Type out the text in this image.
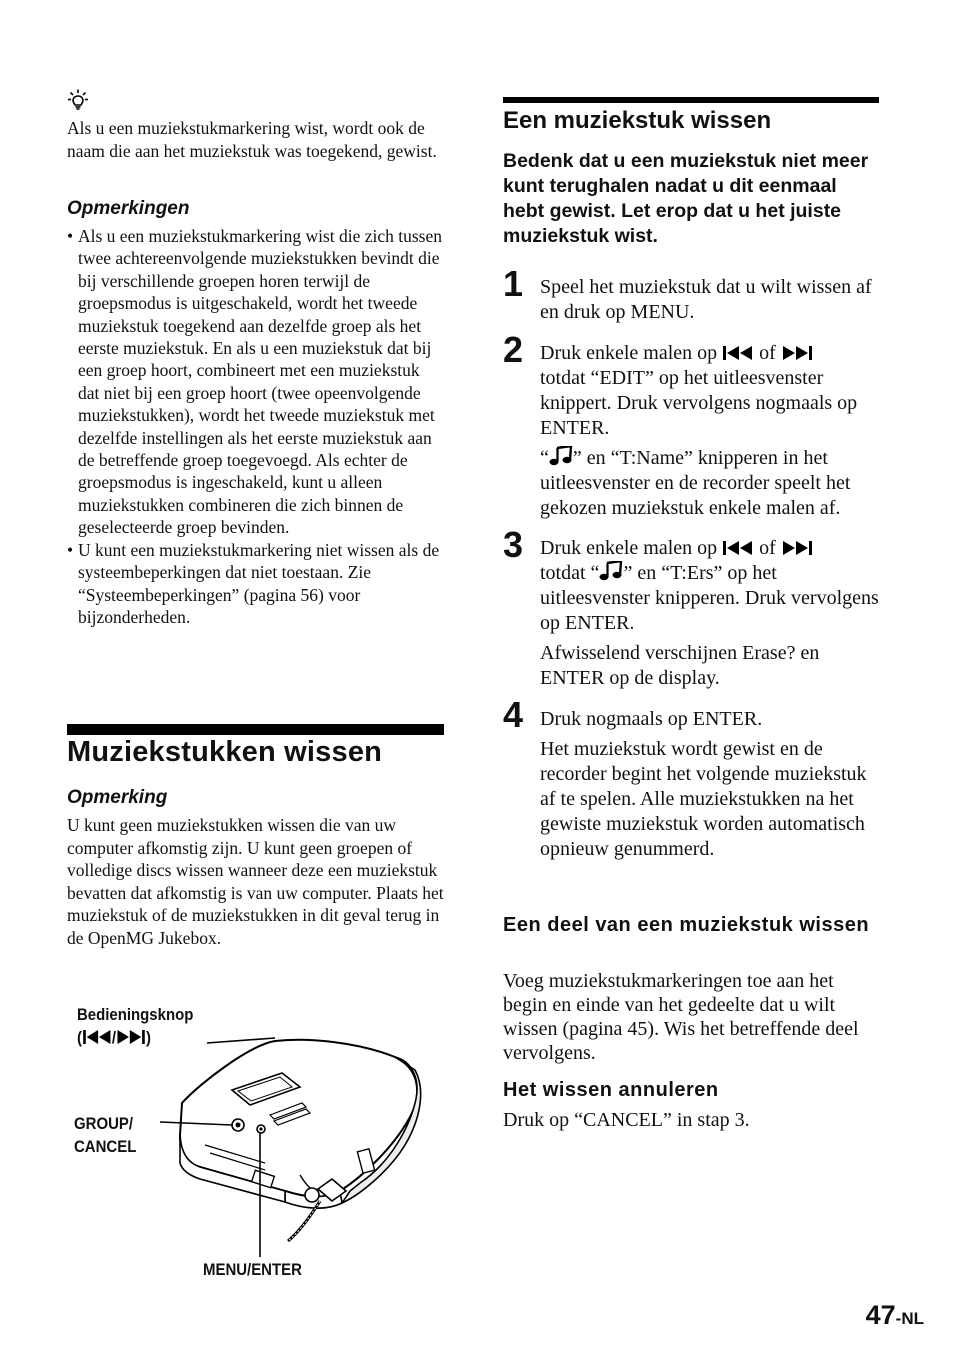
Als u een muziekstukmarkering wist, wordt ook de naam die aan het muziekstuk was toegekend, gewist.
Opmerkingen
• Als u een muziekstukmarkering wist die zich tussen twee achtereenvolgende muziekstukken bevindt die bij verschillende groepen horen terwijl de groepsmodus is uitgeschakeld, wordt het tweede muziekstuk toegekend aan dezelfde groep als het eerste muziekstuk. En als u een muziekstuk dat bij een groep hoort, combineert met een muziekstuk dat niet bij een groep hoort (twee opeenvolgende muziekstukken), wordt het tweede muziekstuk met dezelfde instellingen als het eerste muziekstuk aan de betreffende groep toegevoegd. Als echter de groepsmodus is ingeschakeld, kunt u alleen muziekstukken combineren die zich binnen de geselecteerde groep bevinden.
• U kunt een muziekstukmarkering niet wissen als de systeembeperkingen dat niet toestaan. Zie “Systeembeperkingen” (pagina 56) voor bijzonderheden.
Muziekstukken wissen
Opmerking
U kunt geen muziekstukken wissen die van uw computer afkomstig zijn. U kunt geen groepen of volledige discs wissen wanneer deze een muziekstuk bevatten dat afkomstig is van uw computer. Plaats het muziekstuk of de muziekstukken in dit geval terug in de OpenMG Jukebox.
Bedieningsknop
( / )
GROUP/
CANCEL
MENU/ENTER
Een muziekstuk wissen
Bedenk dat u een muziekstuk niet meer kunt terughalen nadat u dit eenmaal hebt gewist. Let erop dat u het juiste muziekstuk wist.
1 Speel het muziekstuk dat u wilt wissen af en druk op MENU.
2 Druk enkele malen op of
totdat “EDIT” op het uitleesvenster knippert. Druk vervolgens nogmaals op ENTER.
“ ” en “T:Name” knipperen in het uitleesvenster en de recorder speelt het gekozen muziekstuk enkele malen af.
3 Druk enkele malen op of
totdat “ ” en “T:Ers” op het uitleesvenster knipperen. Druk vervolgens op ENTER.
Afwisselend verschijnen Erase? en ENTER op de display.
4 Druk nogmaals op ENTER.
Het muziekstuk wordt gewist en de recorder begint het volgende muziekstuk af te spelen. Alle muziekstukken na het gewiste muziekstuk worden automatisch opnieuw genummerd.
Een deel van een muziekstuk wissen
Voeg muziekstukmarkeringen toe aan het begin en einde van het gedeelte dat u wilt wissen (pagina 45). Wis het betreffende deel vervolgens.
Het wissen annuleren
Druk op “CANCEL” in stap 3.
47-NL
